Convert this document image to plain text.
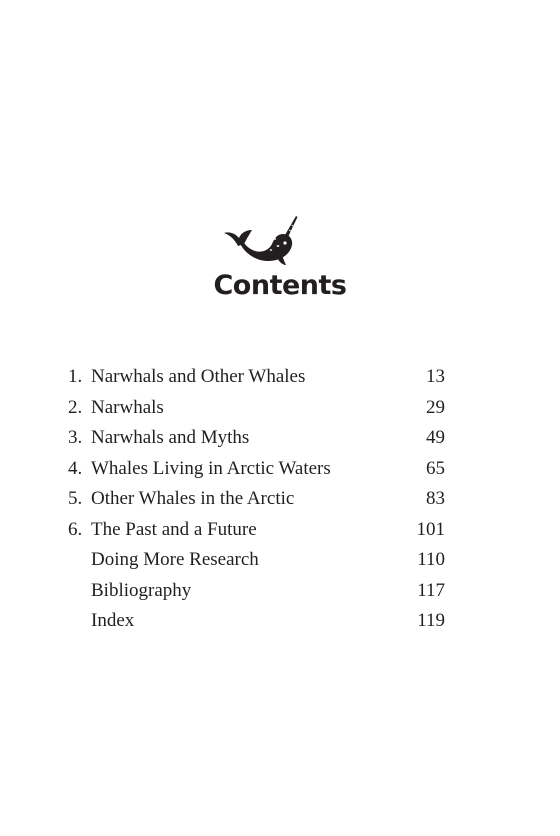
Contents
1. Narwhals and Other Whales	13
2. Narwhals	29
3. Narwhals and Myths	49
4. Whales Living in Arctic Waters	65
5. Other Whales in the Arctic	83
6. The Past and a Future	101
Doing More Research	110
Bibliography	117
Index	119
